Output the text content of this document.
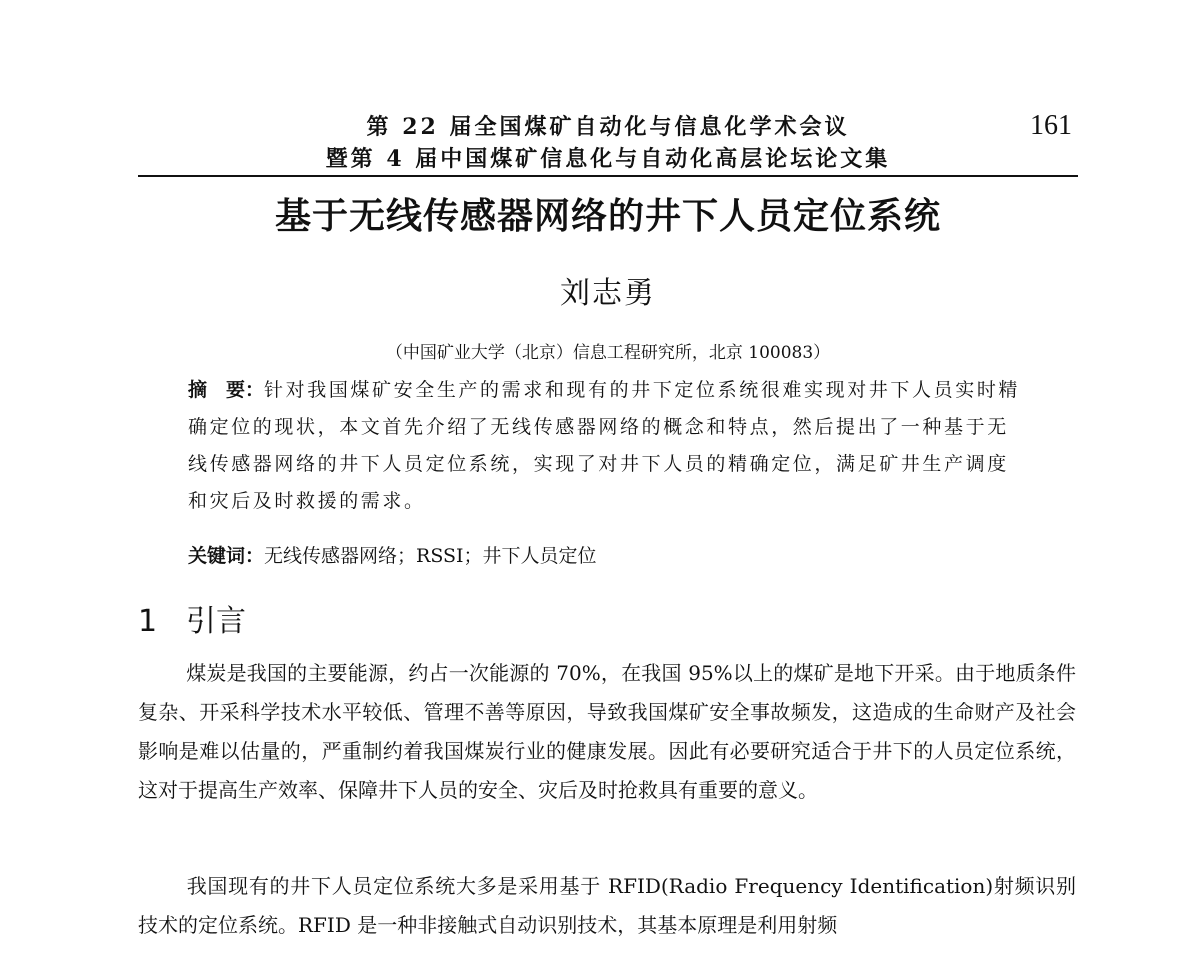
第 22 届全国煤矿自动化与信息化学术会议
暨第 4 届中国煤矿信息化与自动化高层论坛论文集
161
基于无线传感器网络的井下人员定位系统
刘志勇
（中国矿业大学（北京）信息工程研究所，北京 100083）
摘　要：针对我国煤矿安全生产的需求和现有的井下定位系统很难实现对井下人员实时精确定位的现状，本文首先介绍了无线传感器网络的概念和特点，然后提出了一种基于无线传感器网络的井下人员定位系统，实现了对井下人员的精确定位，满足矿井生产调度和灾后及时救援的需求。
关键词：无线传感器网络；RSSI；井下人员定位
1 引言
煤炭是我国的主要能源，约占一次能源的 70%，在我国 95%以上的煤矿是地下开采。由于地质条件复杂、开采科学技术水平较低、管理不善等原因，导致我国煤矿安全事故频发，这造成的生命财产及社会影响是难以估量的，严重制约着我国煤炭行业的健康发展。因此有必要研究适合于井下的人员定位系统，这对于提高生产效率、保障井下人员的安全、灾后及时抢救具有重要的意义。
我国现有的井下人员定位系统大多是采用基于 RFID(Radio Frequency Identification)射频识别技术的定位系统。RFID 是一种非接触式自动识别技术，其基本原理是利用射频
